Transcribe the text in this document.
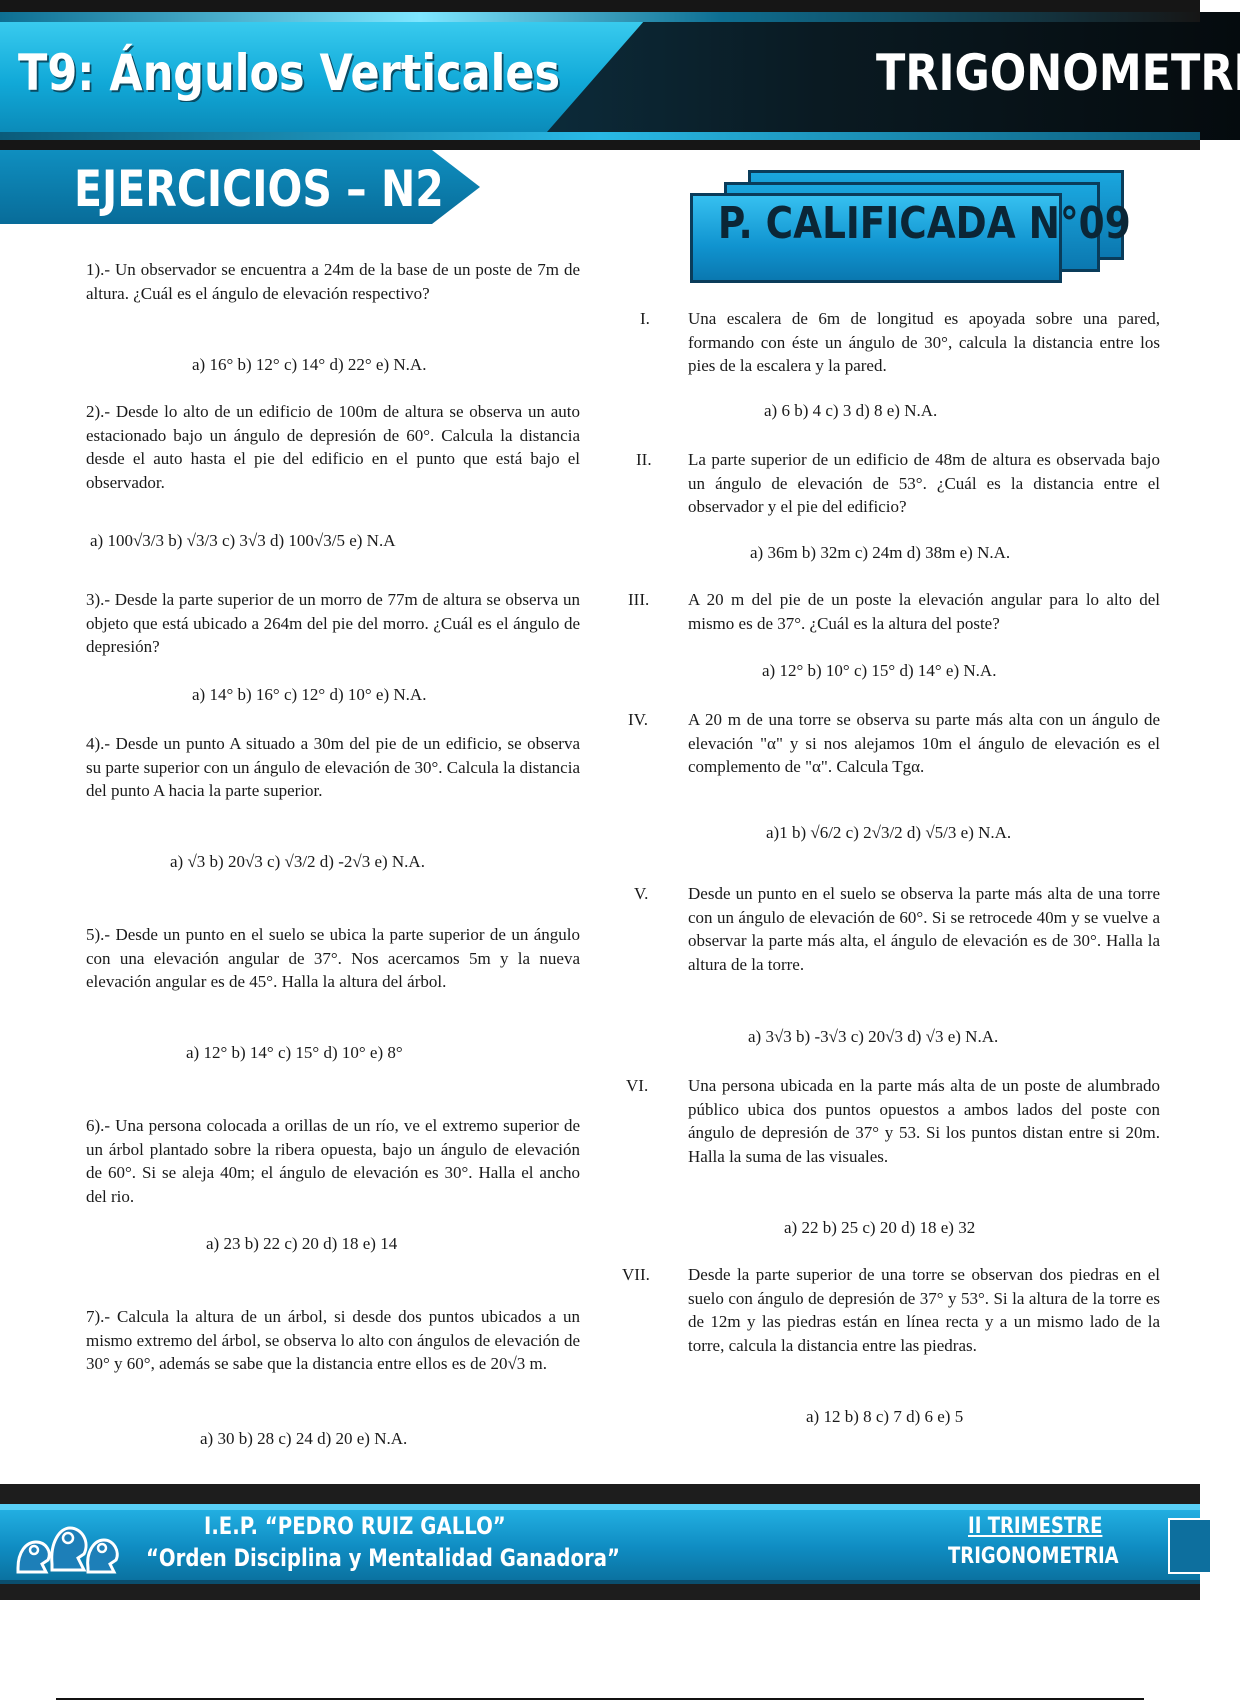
T9: Ángulos Verticales	TRIGONOMETRI
EJERCICIOS – N2
P. CALIFICADA N°09
1).- Un observador se encuentra a 24m de la base de un poste de 7m de altura. ¿Cuál es el ángulo de elevación respectivo?
a) 16° b) 12° c) 14° d) 22° e) N.A.
2).- Desde lo alto de un edificio de 100m de altura se observa un auto estacionado bajo un ángulo de depresión de 60°. Calcula la distancia desde el auto hasta el pie del edificio en el punto que está bajo el observador.
a) 100√3/3 b) √3/3 c) 3√3 d) 100√3/5 e) N.A
3).- Desde la parte superior de un morro de 77m de altura se observa un objeto que está ubicado a 264m del pie del morro. ¿Cuál es el ángulo de depresión?
a) 14° b) 16° c) 12° d) 10° e) N.A.
4).- Desde un punto A situado a 30m del pie de un edificio, se observa su parte superior con un ángulo de elevación de 30°. Calcula la distancia del punto A hacia la parte superior.
a) √3 b) 20√3 c) √3/2 d) -2√3 e) N.A.
5).- Desde un punto en el suelo se ubica la parte superior de un ángulo con una elevación angular de 37°. Nos acercamos 5m y la nueva elevación angular es de 45°. Halla la altura del árbol.
a) 12° b) 14° c) 15° d) 10° e) 8°
6).- Una persona colocada a orillas de un río, ve el extremo superior de un árbol plantado sobre la ribera opuesta, bajo un ángulo de elevación de 60°. Si se aleja 40m; el ángulo de elevación es 30°. Halla el ancho del rio.
a) 23 b) 22 c) 20 d) 18 e) 14
7).- Calcula la altura de un árbol, si desde dos puntos ubicados a un mismo extremo del árbol, se observa lo alto con ángulos de elevación de 30° y 60°, además se sabe que la distancia entre ellos es de 20√3 m.
a) 30 b) 28 c) 24 d) 20 e) N.A.
I. Una escalera de 6m de longitud es apoyada sobre una pared, formando con éste un ángulo de 30°, calcula la distancia entre los pies de la escalera y la pared.
a) 6 b) 4 c) 3 d) 8 e) N.A.
II. La parte superior de un edificio de 48m de altura es observada bajo un ángulo de elevación de 53°. ¿Cuál es la distancia entre el observador y el pie del edificio?
a) 36m b) 32m c) 24m d) 38m e) N.A.
III. A 20 m del pie de un poste la elevación angular para lo alto del mismo es de 37°. ¿Cuál es la altura del poste?
a) 12° b) 10° c) 15° d) 14° e) N.A.
IV. A 20 m de una torre se observa su parte más alta con un ángulo de elevación "α" y si nos alejamos 10m el ángulo de elevación es el complemento de "α". Calcula Tgα.
a)1 b) √6/2 c) 2√3/2 d) √5/3 e) N.A.
V. Desde un punto en el suelo se observa la parte más alta de una torre con un ángulo de elevación de 60°. Si se retrocede 40m y se vuelve a observar la parte más alta, el ángulo de elevación es de 30°. Halla la altura de la torre.
a) 3√3 b) -3√3 c) 20√3 d) √3 e) N.A.
VI. Una persona ubicada en la parte más alta de un poste de alumbrado público ubica dos puntos opuestos a ambos lados del poste con ángulo de depresión de 37° y 53. Si los puntos distan entre si 20m. Halla la suma de las visuales.
a) 22 b) 25 c) 20 d) 18 e) 32
VII. Desde la parte superior de una torre se observan dos piedras en el suelo con ángulo de depresión de 37° y 53°. Si la altura de la torre es de 12m y las piedras están en línea recta y a un mismo lado de la torre, calcula la distancia entre las piedras.
a) 12 b) 8 c) 7 d) 6 e) 5
I.E.P. “PEDRO RUIZ GALLO”
“Orden Disciplina y Mentalidad Ganadora”
II TRIMESTRE
TRIGONOMETRIA
